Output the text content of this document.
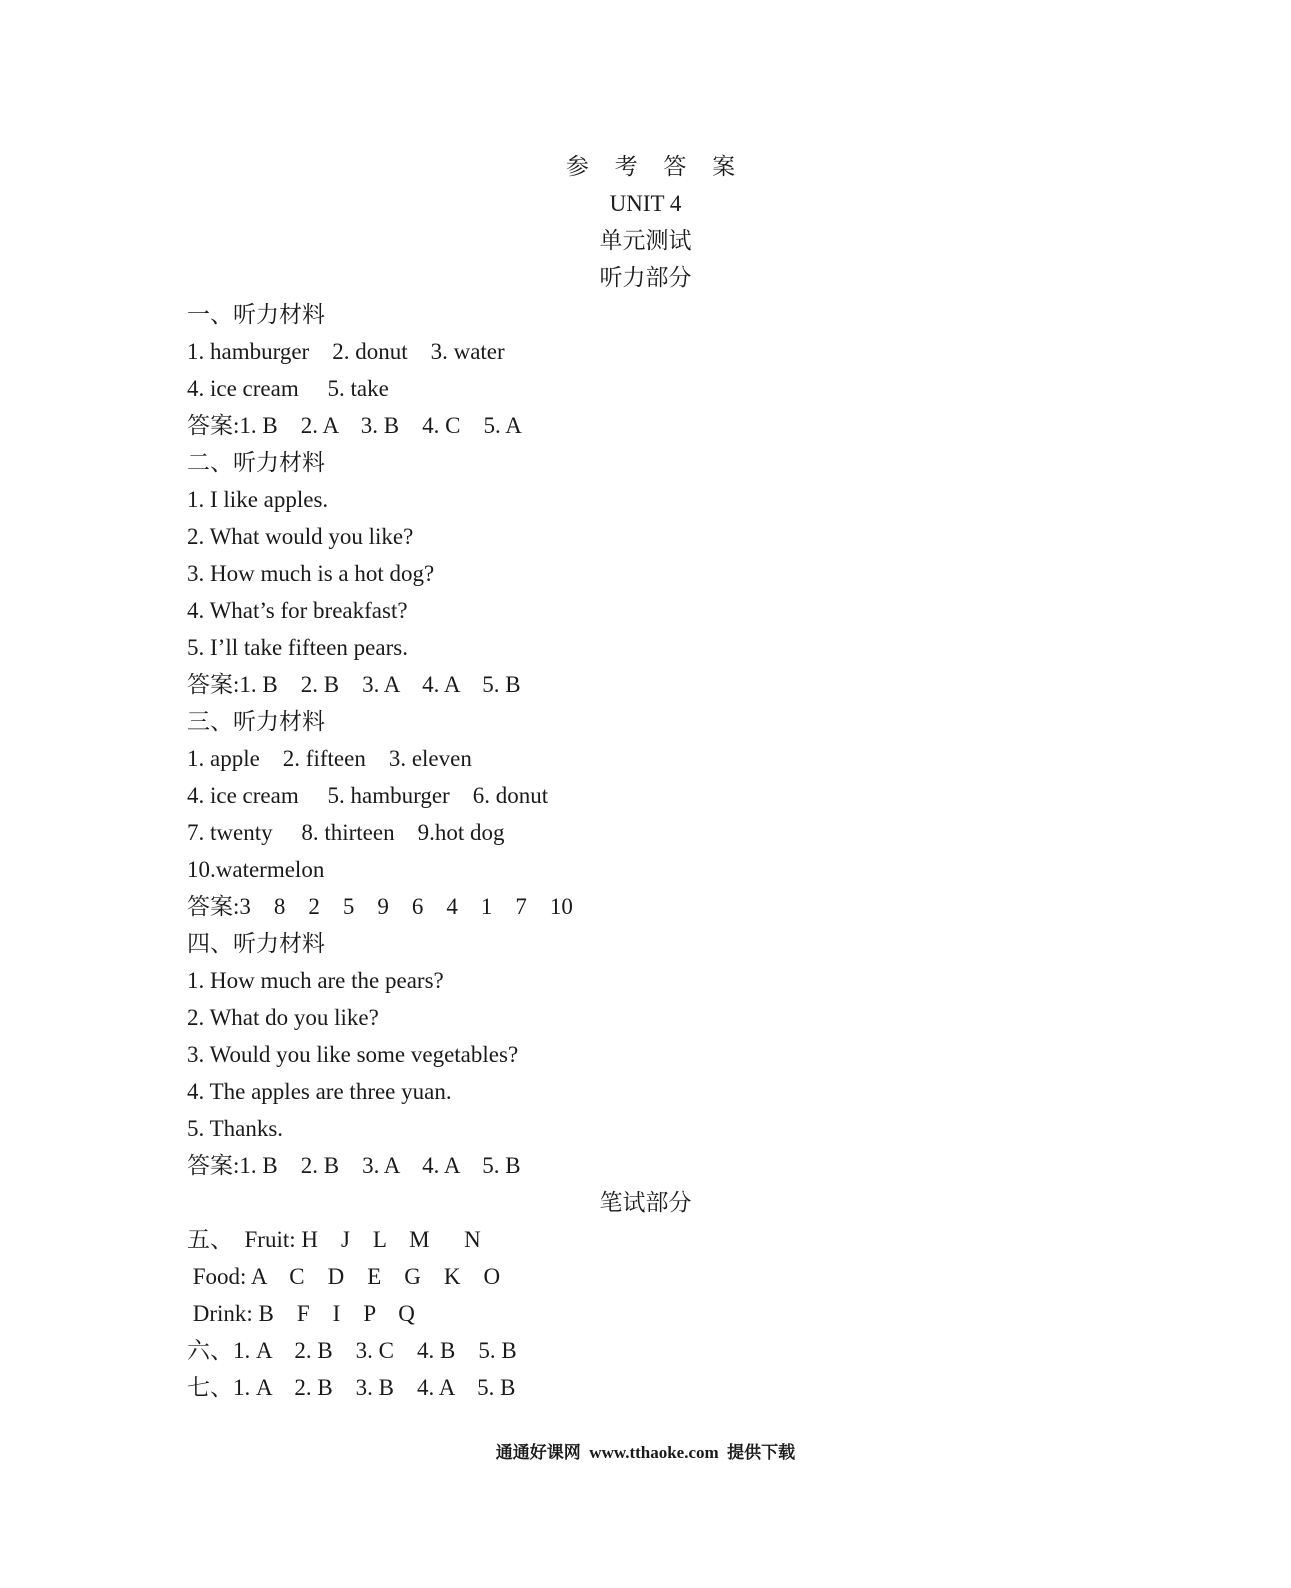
参 考 答 案
UNIT 4
单元测试
听力部分
一、听力材料
1. hamburger    2. donut    3. water
4. ice cream     5. take
答案:1. B    2. A    3. B    4. C    5. A
二、听力材料
1. I like apples.
2. What would you like?
3. How much is a hot dog?
4. What’s for breakfast?
5. I’ll take fifteen pears.
答案:1. B    2. B    3. A    4. A    5. B
三、听力材料
1. apple    2. fifteen    3. eleven
4. ice cream     5. hamburger    6. donut
7. twenty     8. thirteen    9.hot dog
10.watermelon
答案:3    8    2    5    9    6    4    1    7    10
四、听力材料
1. How much are the pears?
2. What do you like?
3. Would you like some vegetables?
4. The apples are three yuan.
5. Thanks.
答案:1. B    2. B    3. A    4. A    5. B
笔试部分
五、  Fruit: H    J    L    M      N
Food: A    C    D    E    G    K    O
Drink: B    F    I    P    Q
六、1. A    2. B    3. C    4. B    5. B
七、1. A    2. B    3. B    4. A    5. B
通通好课网  www.tthaoke.com  提供下载
